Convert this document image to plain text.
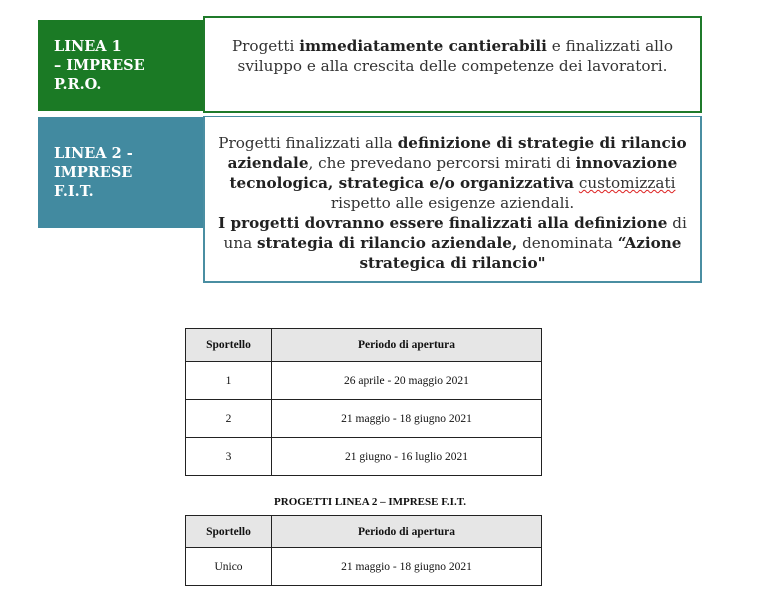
LINEA 1
– IMPRESE
P.R.O.
Progetti immediatamente cantierabili e finalizzati allo sviluppo e alla crescita delle competenze dei lavoratori.
LINEA 2 -
IMPRESE
F.I.T.
Progetti finalizzati alla definizione di strategie di rilancio aziendale, che prevedano percorsi mirati di innovazione tecnologica, strategica e/o organizzativa customizzati rispetto alle esigenze aziendali.
I progetti dovranno essere finalizzati alla definizione di una strategia di rilancio aziendale, denominata “Azione strategica di rilancio"
Sportello	Periodo di apertura
1	26 aprile - 20 maggio 2021
2	21 maggio - 18 giugno 2021
3	21 giugno - 16 luglio 2021
PROGETTI LINEA 2 – IMPRESE F.I.T.
Sportello	Periodo di apertura
Unico	21 maggio - 18 giugno 2021
